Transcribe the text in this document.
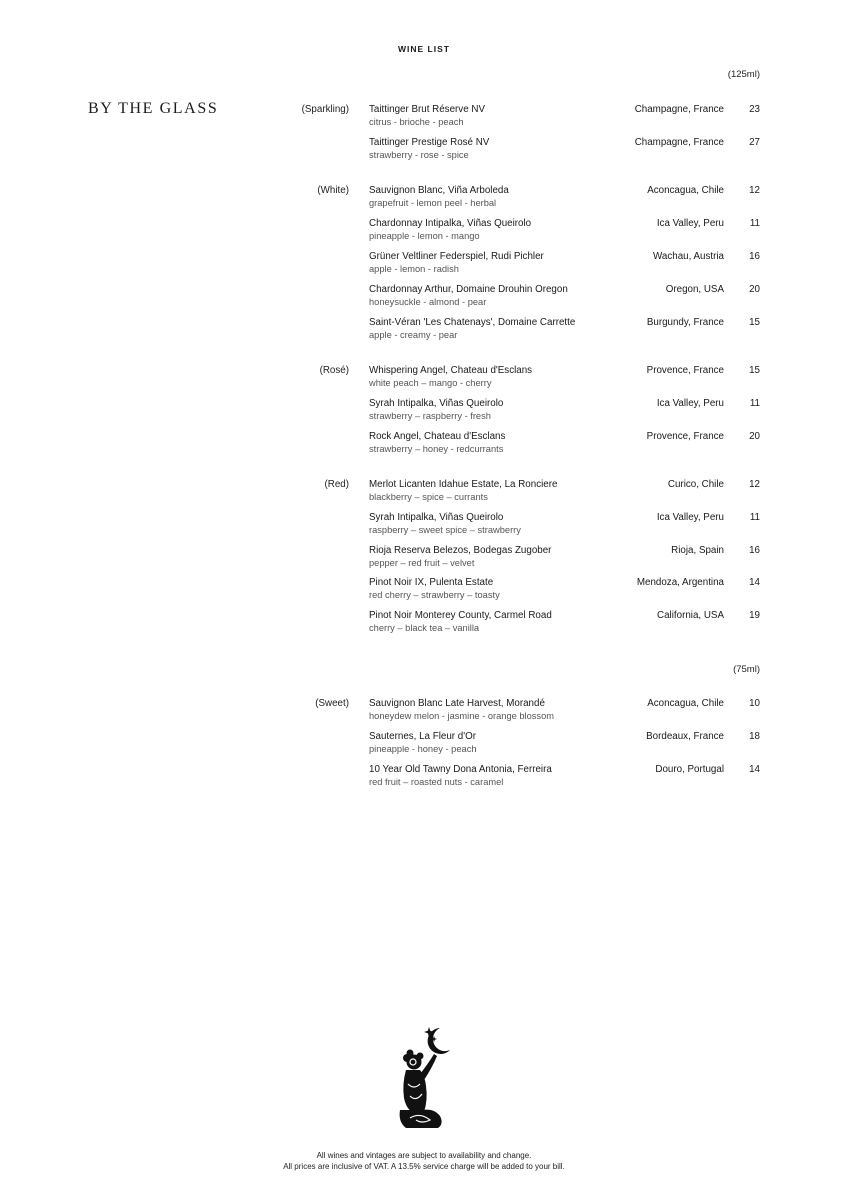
WINE LIST
(125ml)
BY THE GLASS	(Sparkling) Taittinger Brut Réserve NV
citrus - brioche - peach
Champagne, France	23
Taittinger Prestige Rosé NV
strawberry - rose - spice
Champagne, France	27
(White) Sauvignon Blanc, Viña Arboleda
grapefruit - lemon peel - herbal
Aconcagua, Chile	12
Chardonnay Intipalka, Viñas Queirolo
pineapple - lemon - mango
Ica Valley, Peru	11
Grüner Veltliner Federspiel, Rudi Pichler
apple - lemon - radish
Wachau, Austria	16
Chardonnay Arthur, Domaine Drouhin Oregon
honeysuckle - almond - pear
Oregon, USA	20
Saint-Véran 'Les Chatenays', Domaine Carrette
apple - creamy - pear
Burgundy, France	15
(Rosé) Whispering Angel, Chateau d'Esclans
white peach – mango - cherry
Provence, France	15
Syrah Intipalka, Viñas Queirolo
strawberry – raspberry - fresh
Ica Valley, Peru	11
Rock Angel, Chateau d'Esclans
strawberry – honey - redcurrants
Provence, France	20
(Red) Merlot Licanten Idahue Estate, La Ronciere
blackberry – spice – currants
Curico, Chile	12
Syrah Intipalka, Viñas Queirolo
raspberry – sweet spice – strawberry
Ica Valley, Peru	11
Rioja Reserva Belezos, Bodegas Zugober
pepper – red fruit – velvet
Rioja, Spain	16
Pinot Noir IX, Pulenta Estate
red cherry – strawberry – toasty
Mendoza, Argentina	14
Pinot Noir Monterey County, Carmel Road
cherry – black tea – vanilla
California, USA	19
(75ml)
(Sweet) Sauvignon Blanc Late Harvest, Morandé
honeydew melon - jasmine - orange blossom
Aconcagua, Chile	10
Sauternes, La Fleur d'Or
pineapple - honey - peach
Bordeaux, France	18
10 Year Old Tawny Dona Antonia, Ferreira
red fruit – roasted nuts - caramel
Douro, Portugal	14
All wines and vintages are subject to availability and change.
All prices are inclusive of VAT. A 13.5% service charge will be added to your bill.
